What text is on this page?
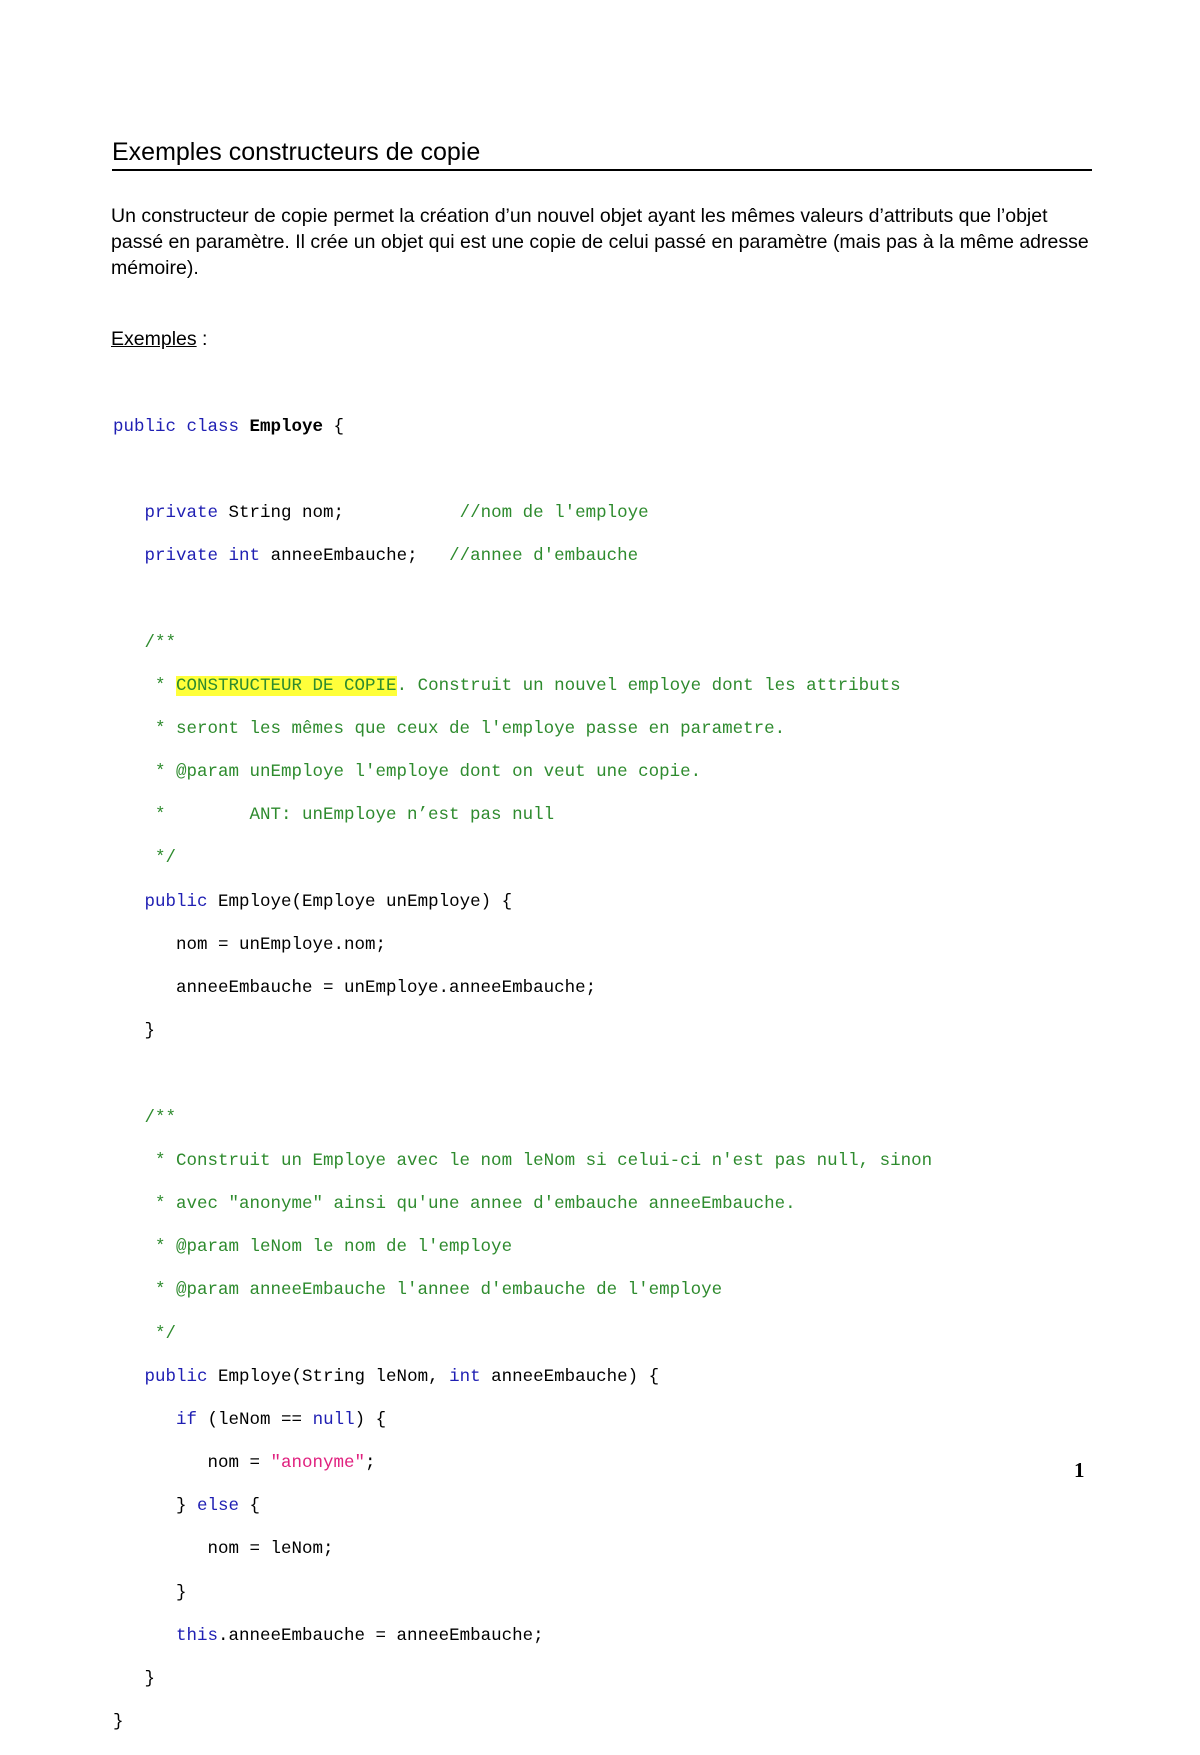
Exemples constructeurs de copie

Un constructeur de copie permet la création d’un nouvel objet ayant les mêmes valeurs d’attributs que l’objet passé en paramètre. Il crée un objet qui est une copie de celui passé en paramètre (mais pas à la même adresse mémoire).

Exemples :

public class Employe {

private String nom;           //nom de l'employe

private int anneeEmbauche;   //annee d'embauche

/**

* CONSTRUCTEUR DE COPIE. Construit un nouvel employe dont les attributs

* seront les mêmes que ceux de l'employe passe en parametre.

* @param unEmploye l'employe dont on veut une copie.

*        ANT: unEmploye n’est pas null

*/

public Employe(Employe unEmploye) {

nom = unEmploye.nom;

anneeEmbauche = unEmploye.anneeEmbauche;

}

/**

* Construit un Employe avec le nom leNom si celui-ci n'est pas null, sinon

* avec "anonyme" ainsi qu'une annee d'embauche anneeEmbauche.

* @param leNom le nom de l'employe

* @param anneeEmbauche l'annee d'embauche de l'employe

*/

public Employe(String leNom, int anneeEmbauche) {

if (leNom == null) {

nom = "anonyme";

} else {

nom = leNom;

}

this.anneeEmbauche = anneeEmbauche;

}

}

1
